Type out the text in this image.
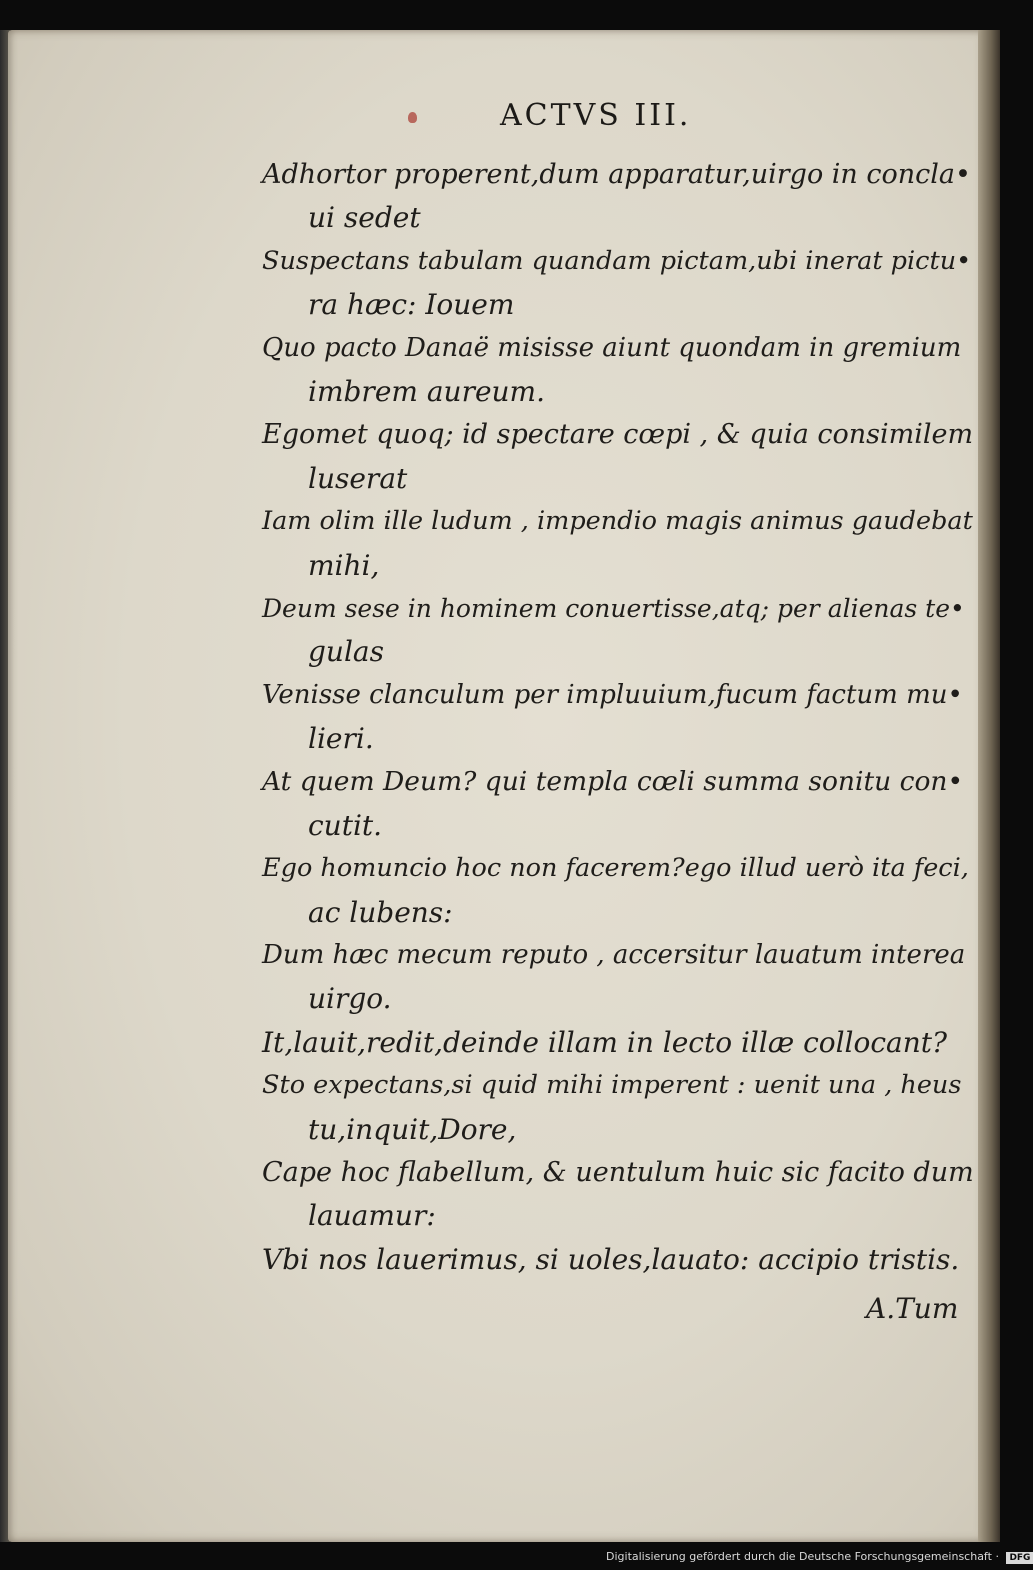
ACTVS III.
Adhortor properent,dum apparatur,uirgo in concla•
ui sedet
Suspectans tabulam quandam pictam,ubi inerat pictu•
ra hæc: Iouem
Quo pacto Danaë misisse aiunt quondam in gremium
imbrem aureum.
Egomet quoq; id spectare cœpi , & quia consimilem
luserat
Iam olim ille ludum , impendio magis animus gaudebat
mihi,
Deum sese in hominem conuertisse,atq; per alienas te•
gulas
Venisse clanculum per impluuium,fucum factum mu•
lieri.
At quem Deum? qui templa cœli summa sonitu con•
cutit.
Ego homuncio hoc non facerem?ego illud uerò ita feci,
ac lubens:
Dum hæc mecum reputo , accersitur lauatum interea
uirgo.
It,lauit,redit,deinde illam in lecto illæ collocant?
Sto expectans,si quid mihi imperent : uenit una , heus
tu,inquit,Dore,
Cape hoc flabellum, & uentulum huic sic facito dum
lauamur:
Vbi nos lauerimus, si uoles,lauato: accipio tristis.
A.Tum
Digitalisierung gefördert durch die Deutsche Forschungsgemeinschaft · DFG
